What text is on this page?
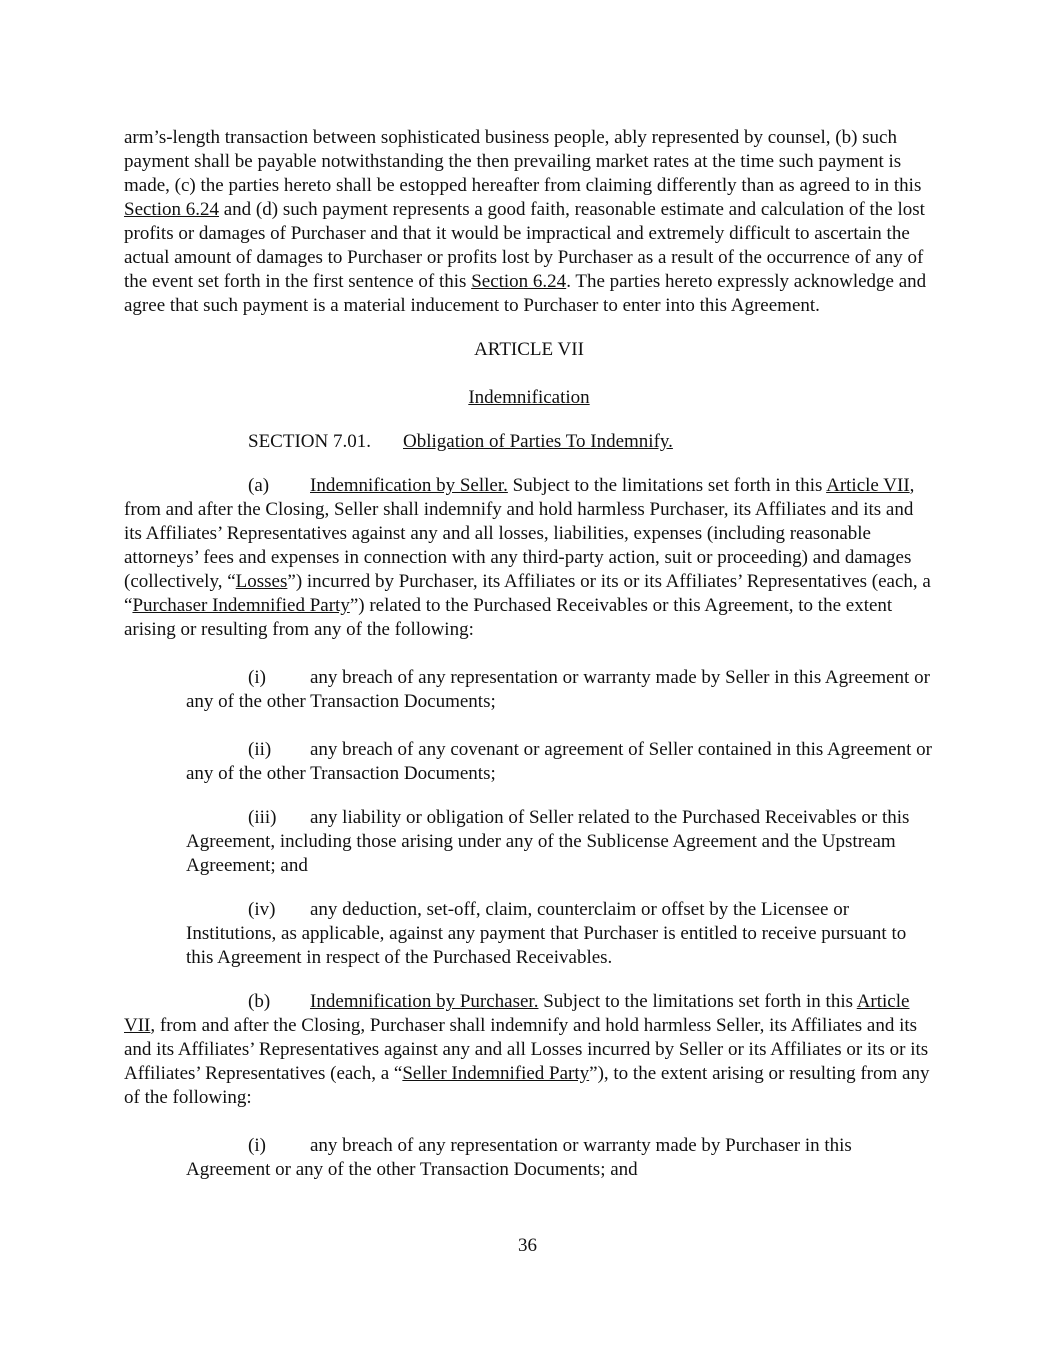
arm’s-length transaction between sophisticated business people, ably represented by counsel, (b) such payment shall be payable notwithstanding the then prevailing market rates at the time such payment is made, (c) the parties hereto shall be estopped hereafter from claiming differently than as agreed to in this Section 6.24 and (d) such payment represents a good faith, reasonable estimate and calculation of the lost profits or damages of Purchaser and that it would be impractical and extremely difficult to ascertain the actual amount of damages to Purchaser or profits lost by Purchaser as a result of the occurrence of any of the event set forth in the first sentence of this Section 6.24. The parties hereto expressly acknowledge and agree that such payment is a material inducement to Purchaser to enter into this Agreement.

ARTICLE VII

Indemnification

SECTION 7.01. Obligation of Parties To Indemnify.

(a) Indemnification by Seller. Subject to the limitations set forth in this Article VII, from and after the Closing, Seller shall indemnify and hold harmless Purchaser, its Affiliates and its and its Affiliates’ Representatives against any and all losses, liabilities, expenses (including reasonable attorneys’ fees and expenses in connection with any third-party action, suit or proceeding) and damages (collectively, “Losses”) incurred by Purchaser, its Affiliates or its or its Affiliates’ Representatives (each, a “Purchaser Indemnified Party”) related to the Purchased Receivables or this Agreement, to the extent arising or resulting from any of the following:

(i) any breach of any representation or warranty made by Seller in this Agreement or any of the other Transaction Documents;

(ii) any breach of any covenant or agreement of Seller contained in this Agreement or any of the other Transaction Documents;

(iii) any liability or obligation of Seller related to the Purchased Receivables or this Agreement, including those arising under any of the Sublicense Agreement and the Upstream Agreement; and

(iv) any deduction, set-off, claim, counterclaim or offset by the Licensee or Institutions, as applicable, against any payment that Purchaser is entitled to receive pursuant to this Agreement in respect of the Purchased Receivables.

(b) Indemnification by Purchaser. Subject to the limitations set forth in this Article VII, from and after the Closing, Purchaser shall indemnify and hold harmless Seller, its Affiliates and its and its Affiliates’ Representatives against any and all Losses incurred by Seller or its Affiliates or its or its Affiliates’ Representatives (each, a “Seller Indemnified Party”), to the extent arising or resulting from any of the following:

(i) any breach of any representation or warranty made by Purchaser in this Agreement or any of the other Transaction Documents; and

36
